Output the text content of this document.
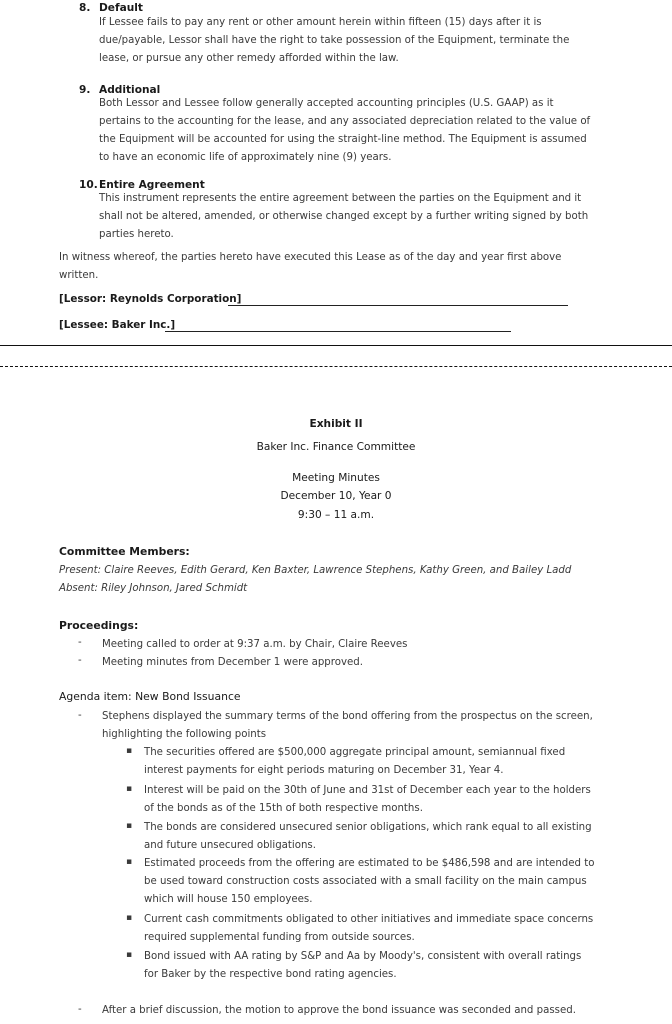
8. Default
If Lessee fails to pay any rent or other amount herein within fifteen (15) days after it is
due/payable, Lessor shall have the right to take possession of the Equipment, terminate the
lease, or pursue any other remedy afforded within the law.
9. Additional
Both Lessor and Lessee follow generally accepted accounting principles (U.S. GAAP) as it
pertains to the accounting for the lease, and any associated depreciation related to the value of
the Equipment will be accounted for using the straight-line method. The Equipment is assumed
to have an economic life of approximately nine (9) years.
10. Entire Agreement
This instrument represents the entire agreement between the parties on the Equipment and it
shall not be altered, amended, or otherwise changed except by a further writing signed by both
parties hereto.
In witness whereof, the parties hereto have executed this Lease as of the day and year first above
written.
[Lessor: Reynolds Corporation]
[Lessee: Baker Inc.]
Exhibit II
Baker Inc. Finance Committee
Meeting Minutes
December 10, Year 0
9:30 – 11 a.m.
Committee Members:
Present: Claire Reeves, Edith Gerard, Ken Baxter, Lawrence Stephens, Kathy Green, and Bailey Ladd
Absent: Riley Johnson, Jared Schmidt
Proceedings:
- Meeting called to order at 9:37 a.m. by Chair, Claire Reeves
- Meeting minutes from December 1 were approved.
Agenda item: New Bond Issuance
- Stephens displayed the summary terms of the bond offering from the prospectus on the screen,
highlighting the following points
▪ The securities offered are $500,000 aggregate principal amount, semiannual fixed
interest payments for eight periods maturing on December 31, Year 4.
▪ Interest will be paid on the 30th of June and 31st of December each year to the holders
of the bonds as of the 15th of both respective months.
▪ The bonds are considered unsecured senior obligations, which rank equal to all existing
and future unsecured obligations.
▪ Estimated proceeds from the offering are estimated to be $486,598 and are intended to
be used toward construction costs associated with a small facility on the main campus
which will house 150 employees.
▪ Current cash commitments obligated to other initiatives and immediate space concerns
required supplemental funding from outside sources.
▪ Bond issued with AA rating by S&P and Aa by Moody's, consistent with overall ratings
for Baker by the respective bond rating agencies.
- After a brief discussion, the motion to approve the bond issuance was seconded and passed.
